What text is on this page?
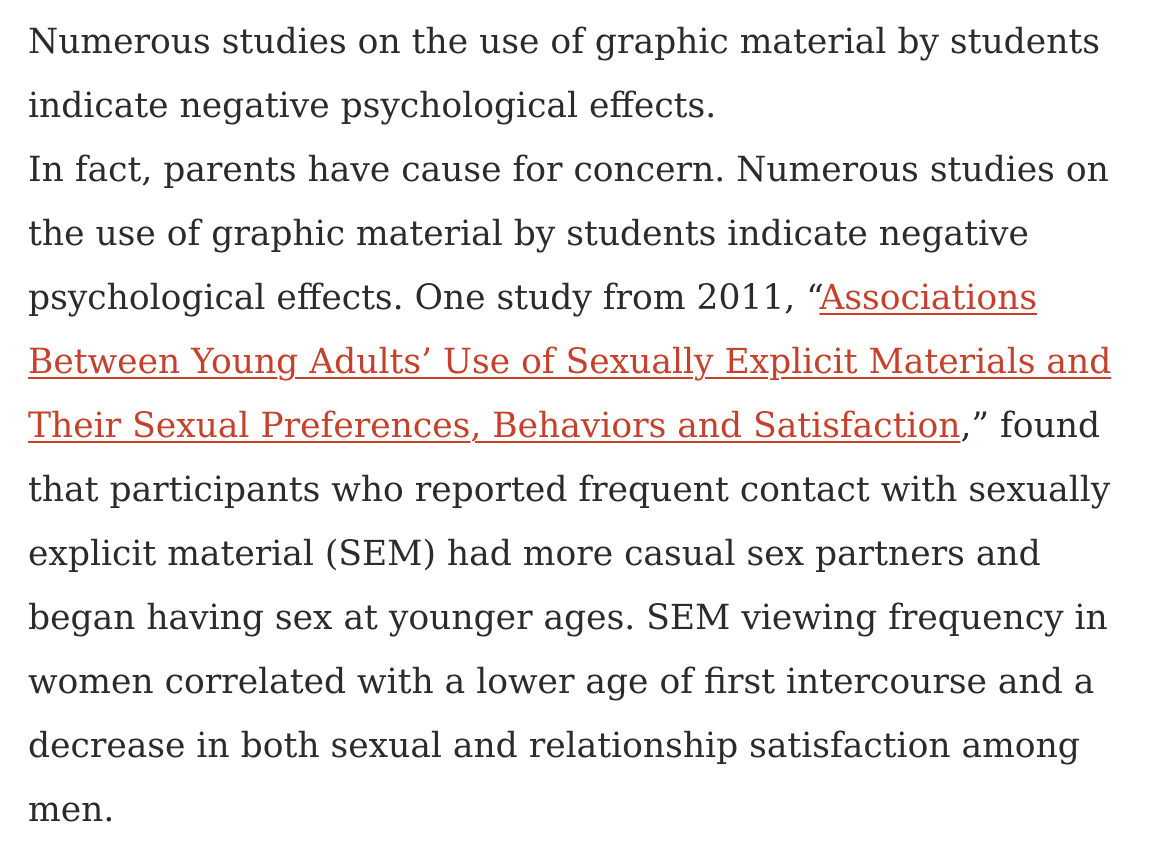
Numerous studies on the use of graphic material by students indicate negative psychological effects.

In fact, parents have cause for concern. Numerous studies on the use of graphic material by students indicate negative psychological effects. One study from 2011, “Associations Between Young Adults’ Use of Sexually Explicit Materials and Their Sexual Preferences, Behaviors and Satisfaction,” found that participants who reported frequent contact with sexually explicit material (SEM) had more casual sex partners and began having sex at younger ages. SEM viewing frequency in women correlated with a lower age of first intercourse and a decrease in both sexual and relationship satisfaction among men.
